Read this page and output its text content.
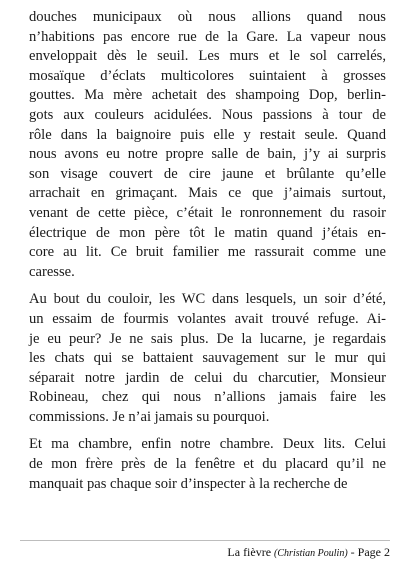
douches municipaux où nous allions quand nous
n’habitions pas encore rue de la Gare. La vapeur nous
enveloppait dès le seuil. Les murs et le sol carrelés,
mosaïque d’éclats multicolores suintaient à grosses
gouttes. Ma mère achetait des shampoing Dop, berlin-
gots aux couleurs acidulées. Nous passions à tour de
rôle dans la baignoire puis elle y restait seule. Quand
nous avons eu notre propre salle de bain, j’y ai surpris
son visage couvert de cire jaune et brûlante qu’elle
arrachait en grimaçant. Mais ce que j’aimais surtout,
venant de cette pièce, c’était le ronronnement du rasoir
électrique de mon père tôt le matin quand j’étais en-
core au lit. Ce bruit familier me rassurait comme une
caresse.
Au bout du couloir, les WC dans lesquels, un soir d’été,
un essaim de fourmis volantes avait trouvé refuge. Ai-
je eu peur? Je ne sais plus. De la lucarne, je regardais
les chats qui se battaient sauvagement sur le mur qui
séparait notre jardin de celui du charcutier, Monsieur
Robineau, chez qui nous n’allions jamais faire les
commissions. Je n’ai jamais su pourquoi.
Et ma chambre, enfin notre chambre. Deux lits. Celui
de mon frère près de la fenêtre et du placard qu’il ne
manquait pas chaque soir d’inspecter à la recherche de
La fièvre (Christian Poulin) - Page 2
